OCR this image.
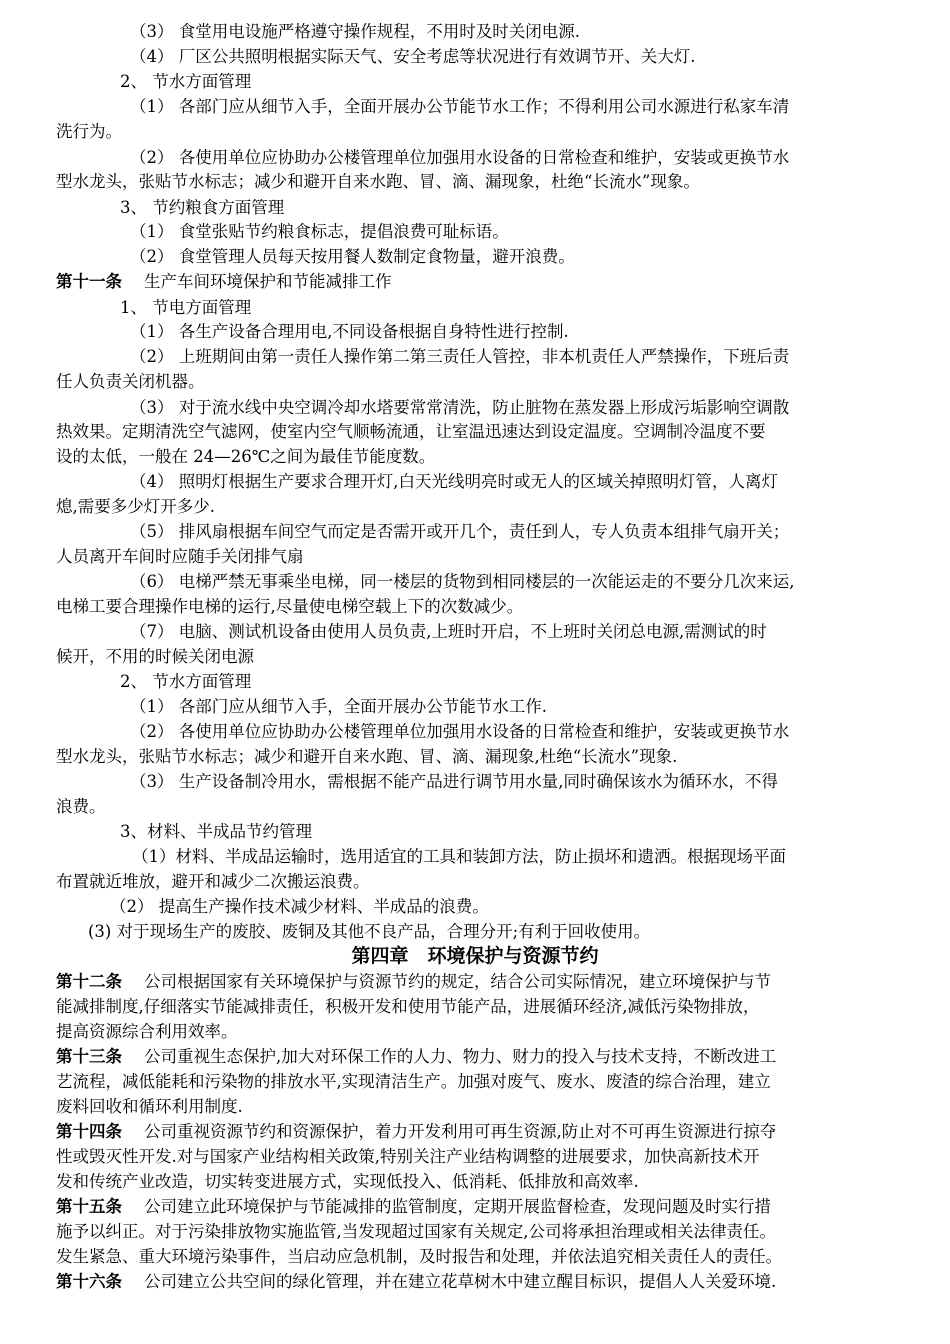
（3） 食堂用电设施严格遵守操作规程，不用时及时关闭电源.
（4） 厂区公共照明根据实际天气、安全考虑等状况进行有效调节开、关大灯.
2、 节水方面管理
（1） 各部门应从细节入手，全面开展办公节能节水工作；不得利用公司水源进行私家车清
洗行为。
（2） 各使用单位应协助办公楼管理单位加强用水设备的日常检查和维护，安装或更换节水
型水龙头，张贴节水标志；减少和避开自来水跑、冒、滴、漏现象，杜绝“长流水”现象。
3、 节约粮食方面管理
（1） 食堂张贴节约粮食标志，提倡浪费可耻标语。
（2） 食堂管理人员每天按用餐人数制定食物量，避开浪费。
第十一条 生产车间环境保护和节能减排工作
1、 节电方面管理
（1） 各生产设备合理用电,不同设备根据自身特性进行控制.
（2） 上班期间由第一责任人操作第二第三责任人管控，非本机责任人严禁操作，下班后责
任人负责关闭机器。
（3） 对于流水线中央空调冷却水塔要常常清洗，防止脏物在蒸发器上形成污垢影响空调散
热效果。定期清洗空气滤网，使室内空气顺畅流通，让室温迅速达到设定温度。空调制冷温度不要
设的太低，一般在 24—26℃之间为最佳节能度数。
（4） 照明灯根据生产要求合理开灯,白天光线明亮时或无人的区域关掉照明灯管，人离灯
熄,需要多少灯开多少.
（5） 排风扇根据车间空气而定是否需开或开几个，责任到人，专人负责本组排气扇开关；
人员离开车间时应随手关闭排气扇
（6） 电梯严禁无事乘坐电梯，同一楼层的货物到相同楼层的一次能运走的不要分几次来运,
电梯工要合理操作电梯的运行,尽量使电梯空载上下的次数减少。
（7） 电脑、测试机设备由使用人员负责,上班时开启，不上班时关闭总电源,需测试的时
候开，不用的时候关闭电源
2、 节水方面管理
（1） 各部门应从细节入手，全面开展办公节能节水工作.
（2） 各使用单位应协助办公楼管理单位加强用水设备的日常检查和维护，安装或更换节水
型水龙头，张贴节水标志；减少和避开自来水跑、冒、滴、漏现象,杜绝“长流水”现象.
（3） 生产设备制冷用水，需根据不能产品进行调节用水量,同时确保该水为循环水，不得
浪费。
3、材料、半成品节约管理
（1）材料、半成品运输时，选用适宜的工具和装卸方法，防止损坏和遗洒。根据现场平面
布置就近堆放，避开和减少二次搬运浪费。
（2） 提高生产操作技术减少材料、半成品的浪费。
(3) 对于现场生产的废胶、废铜及其他不良产品，合理分开;有利于回收使用。
第十二条 公司根据国家有关环境保护与资源节约的规定，结合公司实际情况，建立环境保护与节
能减排制度,仔细落实节能减排责任，积极开发和使用节能产品，进展循环经济,减低污染物排放，
提高资源综合利用效率。
第十三条 公司重视生态保护,加大对环保工作的人力、物力、财力的投入与技术支持，不断改进工
艺流程，减低能耗和污染物的排放水平,实现清洁生产。加强对废气、废水、废渣的综合治理，建立
废料回收和循环利用制度.
第十四条 公司重视资源节约和资源保护，着力开发利用可再生资源,防止对不可再生资源进行掠夺
性或毁灭性开发.对与国家产业结构相关政策,特别关注产业结构调整的进展要求，加快高新技术开
发和传统产业改造，切实转变进展方式，实现低投入、低消耗、低排放和高效率.
第十五条 公司建立此环境保护与节能减排的监管制度，定期开展监督检查，发现问题及时实行措
施予以纠正。对于污染排放物实施监管,当发现超过国家有关规定,公司将承担治理或相关法律责任。
发生紧急、重大环境污染事件，当启动应急机制，及时报告和处理，并依法追究相关责任人的责任。
第十六条 公司建立公共空间的绿化管理，并在建立花草树木中建立醒目标识，提倡人人关爱环境.
第四章　环境保护与资源节约
